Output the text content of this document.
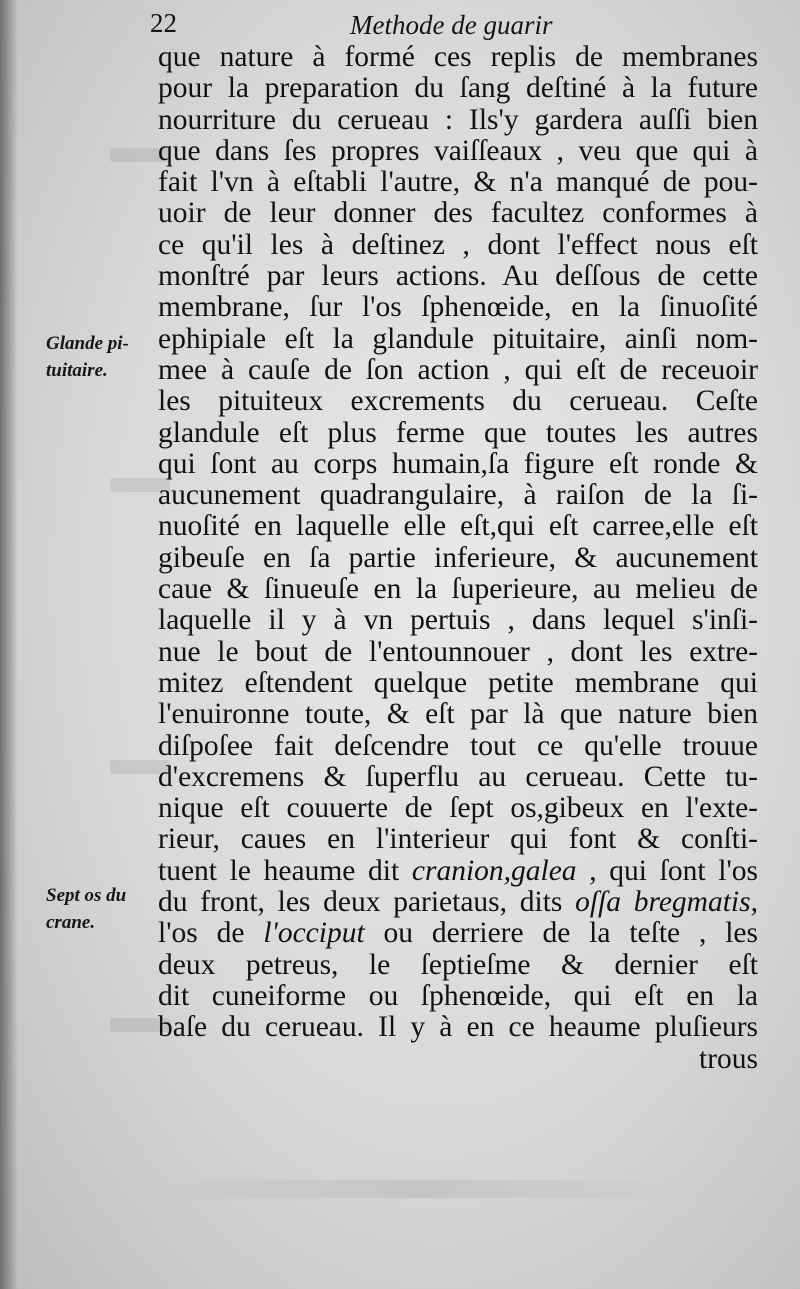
22	Methode de guarir
Glande pi-
tuitaire.
Sept os du
crane.
que nature à formé ces replis de membranes
pour la preparation du ſang deſtiné à la future
nourriture du cerueau : Ils'y gardera auſſi bien
que dans ſes propres vaiſſeaux , veu que qui à
fait l'vn à eſtabli l'autre, & n'a manqué de pou-
uoir de leur donner des facultez conformes à
ce qu'il les à deſtinez , dont l'effect nous eſt
monſtré par leurs actions. Au deſſous de cette
membrane, ſur l'os ſphenœide, en la ſinuoſité
ephipiale eſt la glandule pituitaire, ainſi nom-
mee à cauſe de ſon action , qui eſt de receuoir
les pituiteux excrements du cerueau. Ceſte
glandule eſt plus ferme que toutes les autres
qui ſont au corps humain,ſa figure eſt ronde &
aucunement quadrangulaire, à raiſon de la ſi-
nuoſité en laquelle elle eſt,qui eſt carree,elle eſt
gibeuſe en ſa partie inferieure, & aucunement
caue & ſinueuſe en la ſuperieure, au melieu de
laquelle il y à vn pertuis , dans lequel s'inſi-
nue le bout de l'entounnouer , dont les extre-
mitez eſtendent quelque petite membrane qui
l'enuironne toute, & eſt par là que nature bien
diſpoſee fait deſcendre tout ce qu'elle trouue
d'excremens & ſuperflu au cerueau. Cette tu-
nique eſt couuerte de ſept os,gibeux en l'exte-
rieur, caues en l'interieur qui font & conſti-
tuent le heaume dit cranion,galea , qui ſont l'os
du front, les deux parietaus, dits oſſa bregmatis,
l'os de l'occiput ou derriere de la teſte , les
deux petreus, le ſeptieſme & dernier eſt
dit cuneiforme ou ſphenœide, qui eſt en la
baſe du cerueau. Il y à en ce heaume pluſieurs
trous
